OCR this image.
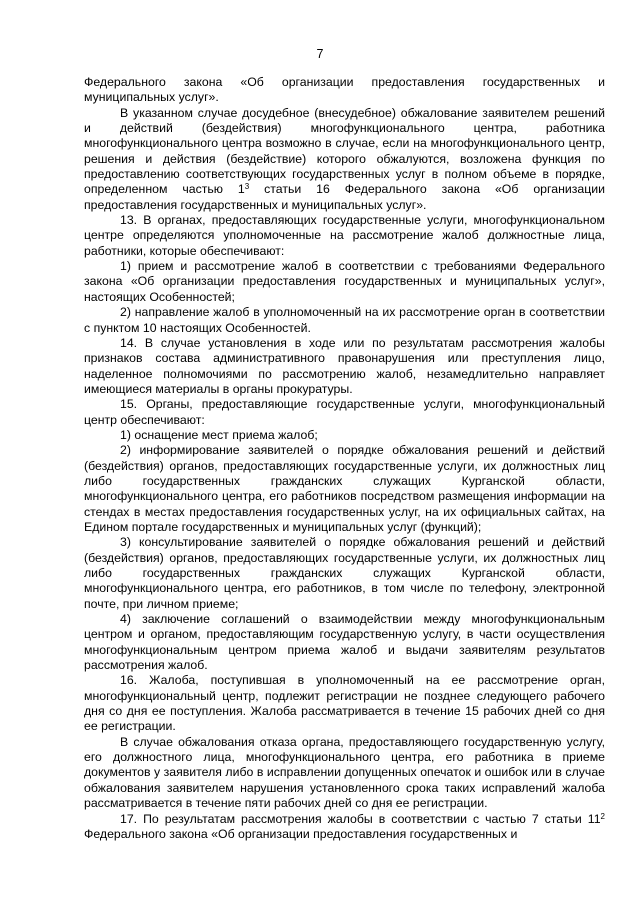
7

Федерального закона «Об организации предоставления государственных и муниципальных услуг».

В указанном случае досудебное (внесудебное) обжалование заявителем решений и действий (бездействия) многофункционального центра, работника многофункционального центра возможно в случае, если на многофункционального центр, решения и действия (бездействие) которого обжалуются, возложена функция по предоставлению соответствующих государственных услуг в полном объеме в порядке, определенном частью $1^3$ статьи 16 Федерального закона «Об организации предоставления государственных и муниципальных услуг».

13. В органах, предоставляющих государственные услуги, многофункциональном центре определяются уполномоченные на рассмотрение жалоб должностные лица, работники, которые обеспечивают:

1) прием и рассмотрение жалоб в соответствии с требованиями Федерального закона «Об организации предоставления государственных и муниципальных услуг», настоящих Особенностей;

2) направление жалоб в уполномоченный на их рассмотрение орган в соответствии с пунктом 10 настоящих Особенностей.

14. В случае установления в ходе или по результатам рассмотрения жалобы признаков состава административного правонарушения или преступления лицо, наделенное полномочиями по рассмотрению жалоб, незамедлительно направляет имеющиеся материалы в органы прокуратуры.

15. Органы, предоставляющие государственные услуги, многофункциональный центр обеспечивают:

1) оснащение мест приема жалоб;

2) информирование заявителей о порядке обжалования решений и действий (бездействия) органов, предоставляющих государственные услуги, их должностных лиц либо государственных гражданских служащих Курганской области, многофункционального центра, его работников посредством размещения информации на стендах в местах предоставления государственных услуг, на их официальных сайтах, на Едином портале государственных и муниципальных услуг (функций);

3) консультирование заявителей о порядке обжалования решений и действий (бездействия) органов, предоставляющих государственные услуги, их должностных лиц либо государственных гражданских служащих Курганской области, многофункционального центра, его работников, в том числе по телефону, электронной почте, при личном приеме;

4) заключение соглашений о взаимодействии между многофункциональным центром и органом, предоставляющим государственную услугу, в части осуществления многофункциональным центром приема жалоб и выдачи заявителям результатов рассмотрения жалоб.

16. Жалоба, поступившая в уполномоченный на ее рассмотрение орган, многофункциональный центр, подлежит регистрации не позднее следующего рабочего дня со дня ее поступления. Жалоба рассматривается в течение 15 рабочих дней со дня ее регистрации.

В случае обжалования отказа органа, предоставляющего государственную услугу, его должностного лица, многофункционального центра, его работника в приеме документов у заявителя либо в исправлении допущенных опечаток и ошибок или в случае обжалования заявителем нарушения установленного срока таких исправлений жалоба рассматривается в течение пяти рабочих дней со дня ее регистрации.

17. По результатам рассмотрения жалобы в соответствии с частью 7 статьи $11^2$ Федерального закона «Об организации предоставления государственных и
